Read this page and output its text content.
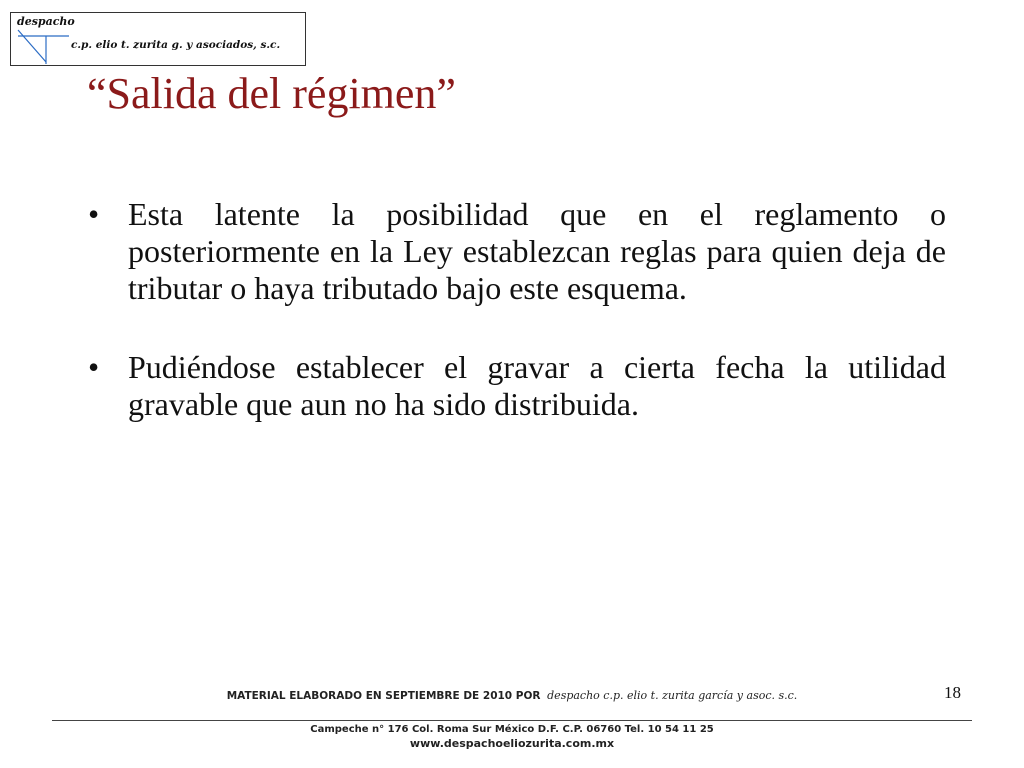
despacho
c.p. elio t. zurita g. y asociados, s.c.
“Salida del régimen”
• Esta latente la posibilidad que en el reglamento o posteriormente en la Ley establezcan reglas para quien deja de tributar o haya tributado bajo este esquema.
• Pudiéndose establecer el gravar a cierta fecha la utilidad gravable que aun no ha sido distribuida.
18
MATERIAL ELABORADO EN SEPTIEMBRE DE 2010 POR despacho c.p. elio t. zurita garcía y asoc. s.c.
Campeche n° 176 Col. Roma Sur México D.F. C.P. 06760 Tel. 10 54 11 25
www.despachoeliozurita.com.mx
